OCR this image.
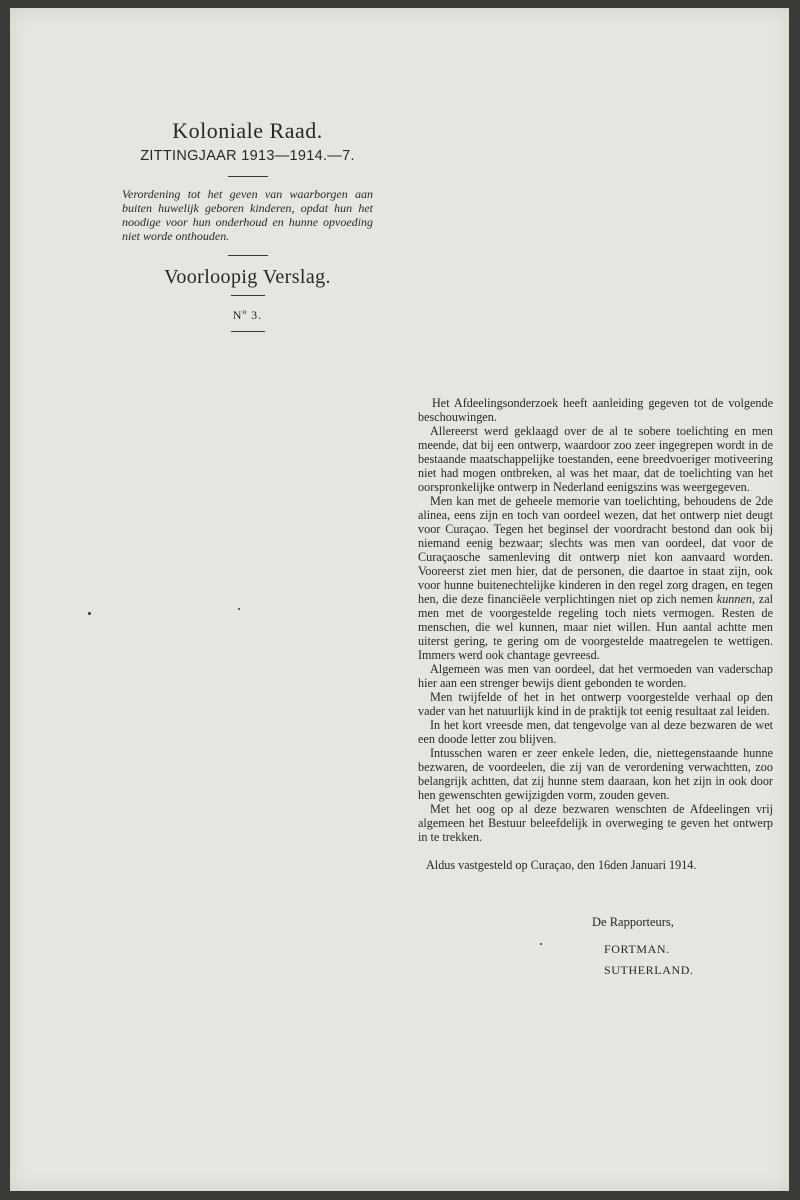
Koloniale Raad.
ZITTINGJAAR 1913—1914.—7.
Verordening tot het geven van waarborgen aan buiten huwelijk geboren kinderen, opdat hun het noodige voor hun onderhoud en hunne opvoeding niet worde onthouden.
Voorloopig Verslag.
Nº 3.

Het Afdeelingsonderzoek heeft aanleiding gegeven tot de volgende beschouwingen.

Allereerst werd geklaagd over de al te sobere toelichting en men meende, dat bij een ontwerp, waardoor zoo zeer ingegrepen wordt in de bestaande maatschappelijke toestanden, eene breedvoeriger motiveering niet had mogen ontbreken, al was het maar, dat de toelichting van het oorspronkelijke ontwerp in Nederland eenigszins was weergegeven.

Men kan met de geheele memorie van toelichting, behoudens de 2de alinea, eens zijn en toch van oordeel wezen, dat het ontwerp niet deugt voor Curaçao. Tegen het beginsel der voordracht bestond dan ook bij niemand eenig bezwaar; slechts was men van oordeel, dat voor de Curaçaosche samenleving dit ontwerp niet kon aanvaard worden. Vooreerst ziet men hier, dat de personen, die daartoe in staat zijn, ook voor hunne buitenechtelijke kinderen in den regel zorg dragen, en tegen hen, die deze financiëele verplichtingen niet op zich nemen kunnen, zal men met de voorgestelde regeling toch niets vermogen. Resten de menschen, die wel kunnen, maar niet willen. Hun aantal achtte men uiterst gering, te gering om de voorgestelde maatregelen te wettigen. Immers werd ook chantage gevreesd.

Algemeen was men van oordeel, dat het vermoeden van vaderschap hier aan een strenger bewijs dient gebonden te worden.

Men twijfelde of het in het ontwerp voorgestelde verhaal op den vader van het natuurlijk kind in de praktijk tot eenig resultaat zal leiden.

In het kort vreesde men, dat tengevolge van al deze bezwaren de wet een doode letter zou blijven.

Intusschen waren er zeer enkele leden, die, niettegenstaande hunne bezwaren, de voordeelen, die zij van de verordening verwachtten, zoo belangrijk achtten, dat zij hunne stem daaraan, kon het zijn in ook door hen gewenschten gewijzigden vorm, zouden geven.

Met het oog op al deze bezwaren wenschten de Afdeelingen vrij algemeen het Bestuur beleefdelijk in overweging te geven het ontwerp in te trekken.

Aldus vastgesteld op Curaçao, den 16den Januari 1914.

De Rapporteurs,
FORTMAN.
SUTHERLAND.
